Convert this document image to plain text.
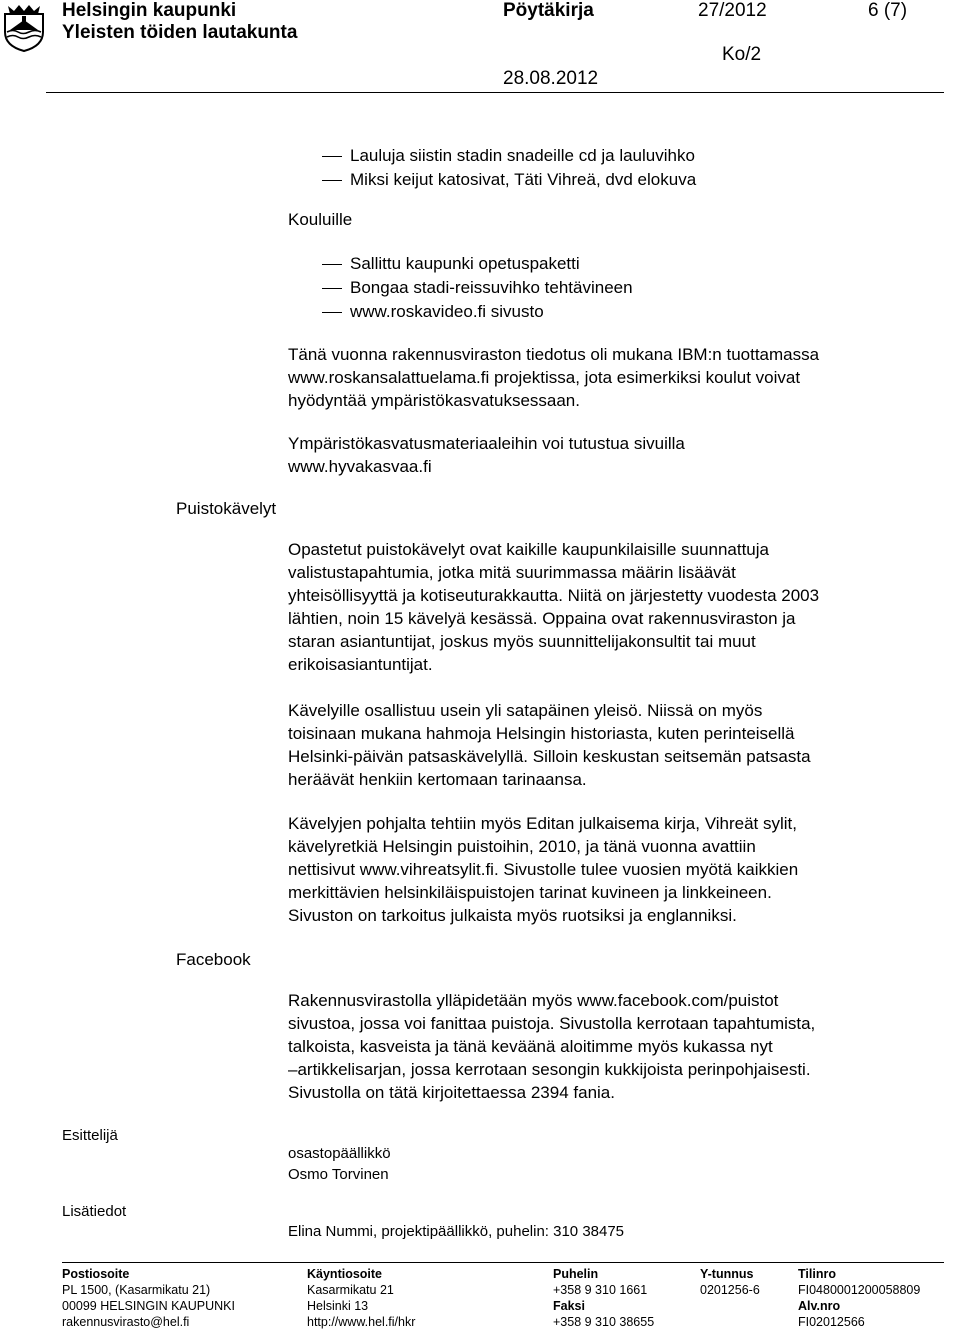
Helsingin kaupunki
Yleisten töiden lautakunta
Pöytäkirja	27/2012	6 (7)
Ko/2
28.08.2012
Lauluja siistin stadin snadeille cd ja lauluvihko
Miksi keijut katosivat, Täti Vihreä, dvd elokuva
Kouluille
Sallittu kaupunki opetuspaketti
Bongaa stadi-reissuvihko tehtävineen
www.roskavideo.fi sivusto
Tänä vuonna rakennusviraston tiedotus oli mukana IBM:n tuottamassa
www.roskansalattuelama.fi projektissa, jota esimerkiksi koulut voivat
hyödyntää ympäristökasvatuksessaan.
Ympäristökasvatusmateriaaleihin voi tutustua sivuilla
www.hyvakasvaa.fi
Puistokävelyt
Opastetut puistokävelyt ovat kaikille kaupunkilaisille suunnattuja
valistustapahtumia, jotka mitä suurimmassa määrin lisäävät
yhteisöllisyyttä ja kotiseuturakkautta. Niitä on järjestetty vuodesta 2003
lähtien, noin 15 kävelyä kesässä. Oppaina ovat rakennusviraston ja
staran asiantuntijat, joskus myös suunnittelijakonsultit tai muut
erikoisasiantuntijat.
Kävelyille osallistuu usein yli satapäinen yleisö. Niissä on myös
toisinaan mukana hahmoja Helsingin historiasta, kuten perinteisellä
Helsinki-päivän patsaskävelyllä. Silloin keskustan seitsemän patsasta
heräävät henkiin kertomaan tarinaansa.
Kävelyjen pohjalta tehtiin myös Editan julkaisema kirja, Vihreät sylit,
kävelyretkiä Helsingin puistoihin, 2010, ja tänä vuonna avattiin
nettisivut www.vihreatsylit.fi. Sivustolle tulee vuosien myötä kaikkien
merkittävien helsinkiläispuistojen tarinat kuvineen ja linkkeineen.
Sivuston on tarkoitus julkaista myös ruotsiksi ja englanniksi.
Facebook
Rakennusvirastolla ylläpidetään myös www.facebook.com/puistot
sivustoa, jossa voi fanittaa puistoja. Sivustolla kerrotaan tapahtumista,
talkoista, kasveista ja tänä keväänä aloitimme myös kukassa nyt
–artikkelisarjan, jossa kerrotaan sesongin kukkijoista perinpohjaisesti.
Sivustolla on tätä kirjoitettaessa 2394 fania.
Esittelijä
osastopäällikkö
Osmo Torvinen
Lisätiedot
Elina Nummi, projektipäällikkö, puhelin: 310 38475
Postiosoite
PL 1500, (Kasarmikatu 21)
00099 HELSINGIN KAUPUNKI
rakennusvirasto@hel.fi
Käyntiosoite
Kasarmikatu 21
Helsinki 13
http://www.hel.fi/hkr
Puhelin
+358 9 310 1661
Faksi
+358 9 310 38655
Y-tunnus
0201256-6
Tilinro
FI0480001200058809
Alv.nro
FI02012566
